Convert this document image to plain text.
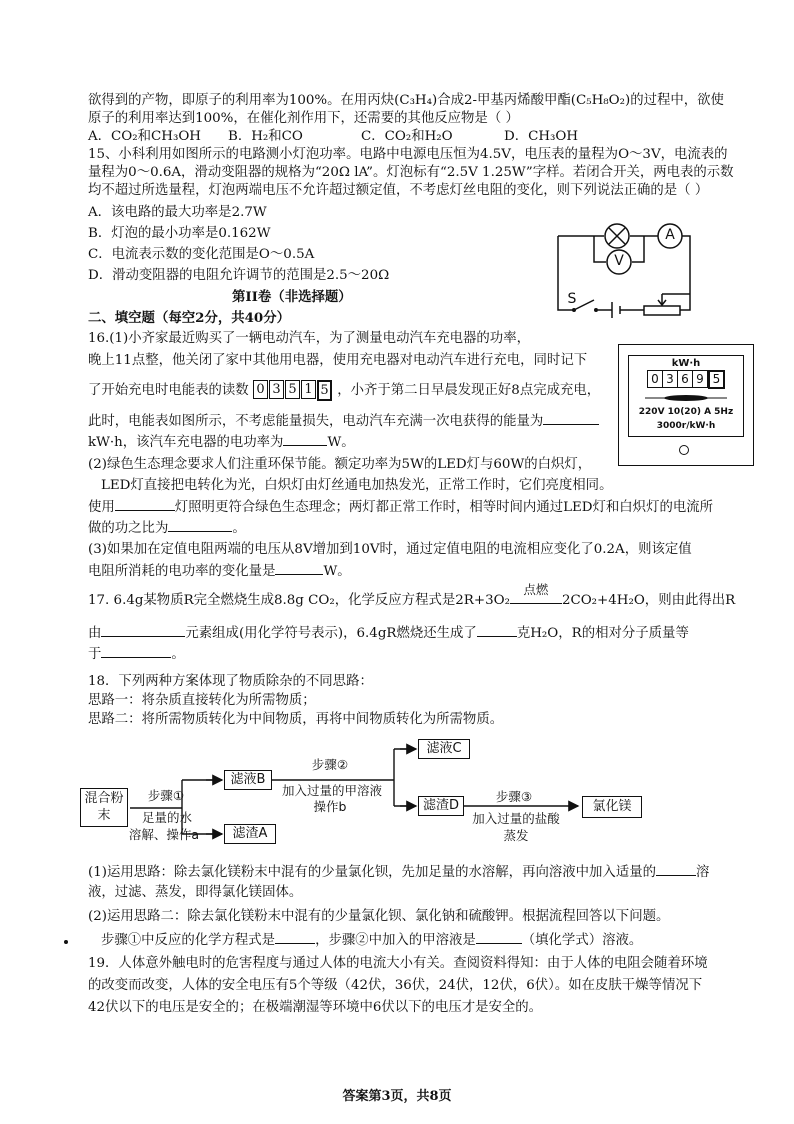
欲得到的产物，即原子的利用率为100%。在用丙炔(C₃H₄)合成2-甲基丙烯酸甲酯(C₅H₈O₂)的过程中，欲使
原子的利用率达到100%，在催化剂作用下，还需要的其他反应物是（ ）
A．CO₂和CH₃OH B．H₂和CO	C．CO₂和H₂O	D．CH₃OH
15、小科利用如图所示的电路测小灯泡功率。电路中电源电压恒为4.5V，电压表的量程为O～3V，电流表的
量程为0～0.6A，滑动变阻器的规格为“20Ω lA”。灯泡标有“2.5V 1.25W”字样。若闭合开关，两电表的示数
均不超过所选量程，灯泡两端电压不允许超过额定值，不考虑灯丝电阻的变化，则下列说法正确的是（ ）
A．该电路的最大功率是2.7W
B．灯泡的最小功率是0.162W
C．电流表示数的变化范围是O～0.5A
D．滑动变阻器的电阻允许调节的范围是2.5～20Ω
第II卷（非选择题）
二、填空题（每空2分，共40分）
16.(1)小齐家最近购买了一辆电动汽车，为了测量电动汽车充电器的功率，
晚上11点整，他关闭了家中其他用电器，使用充电器对电动汽车进行充电，同时记下
了开始充电时电能表的读数 0 3 5 1 5 ，小齐于第二日早晨发现正好8点完成充电，
此时，电能表如图所示，不考虑能量损失，电动汽车充满一次电获得的能量为
kW·h，该汽车充电器的电功率为	W。
(2)绿色生态理念要求人们注重环保节能。额定功率为5W的LED灯与60W的白炽灯，
LED灯直接把电转化为光，白炽灯由灯丝通电加热发光，正常工作时，它们亮度相同。
使用	灯照明更符合绿色生态理念；两灯都正常工作时，相等时间内通过LED灯和白炽灯的电流所
做的功之比为	。
(3)如果加在定值电阻两端的电压从8V增加到10V时，通过定值电阻的电流相应变化了0.2A，则该定值
电阻所消耗的电功率的变化量是	W。
17. 6.4g某物质R完全燃烧生成8.8g CO₂，化学反应方程式是2R+3O₂
点燃
2CO₂+4H₂O，则由此得出R
由	元素组成(用化学符号表示)，6.4gR燃烧还生成了	克H₂O，R的相对分子质量等
于	。
18．下列两种方案体现了物质除杂的不同思路：
思路一：将杂质直接转化为所需物质；
思路二：将所需物质转化为中间物质，再将中间物质转化为所需物质。
(1)运用思路：除去氯化镁粉末中混有的少量氯化钡，先加足量的水溶解，再向溶液中加入适量的	溶
液，过滤、蒸发，即得氯化镁固体。
(2)运用思路二：除去氯化镁粉末中混有的少量氯化钡、氯化钠和硫酸钾。根据流程回答以下问题。
步骤①中反应的化学方程式是	，步骤②中加入的甲溶液是	（填化学式）溶液。
19．人体意外触电时的危害程度与通过人体的电流大小有关。查阅资料得知：由于人体的电阻会随着环境
的改变而改变，人体的安全电压有5个等级（42伏，36伏，24伏，12伏，6伏）。如在皮肤干燥等情况下
42伏以下的电压是安全的；在极端潮湿等环境中6伏以下的电压才是安全的。
A
V
S
kW·h
0 3 6 9 5
220V 10(20) A 5Hz
3000r/kW·h
混合粉末
滤液B
滤渣A
滤液C
滤渣D	氯化镁
步骤①
足量的水
溶解、操作a
步骤②
加入过量的甲溶液
操作b
步骤③
加入过量的盐酸
蒸发
答案第3页，共8页
